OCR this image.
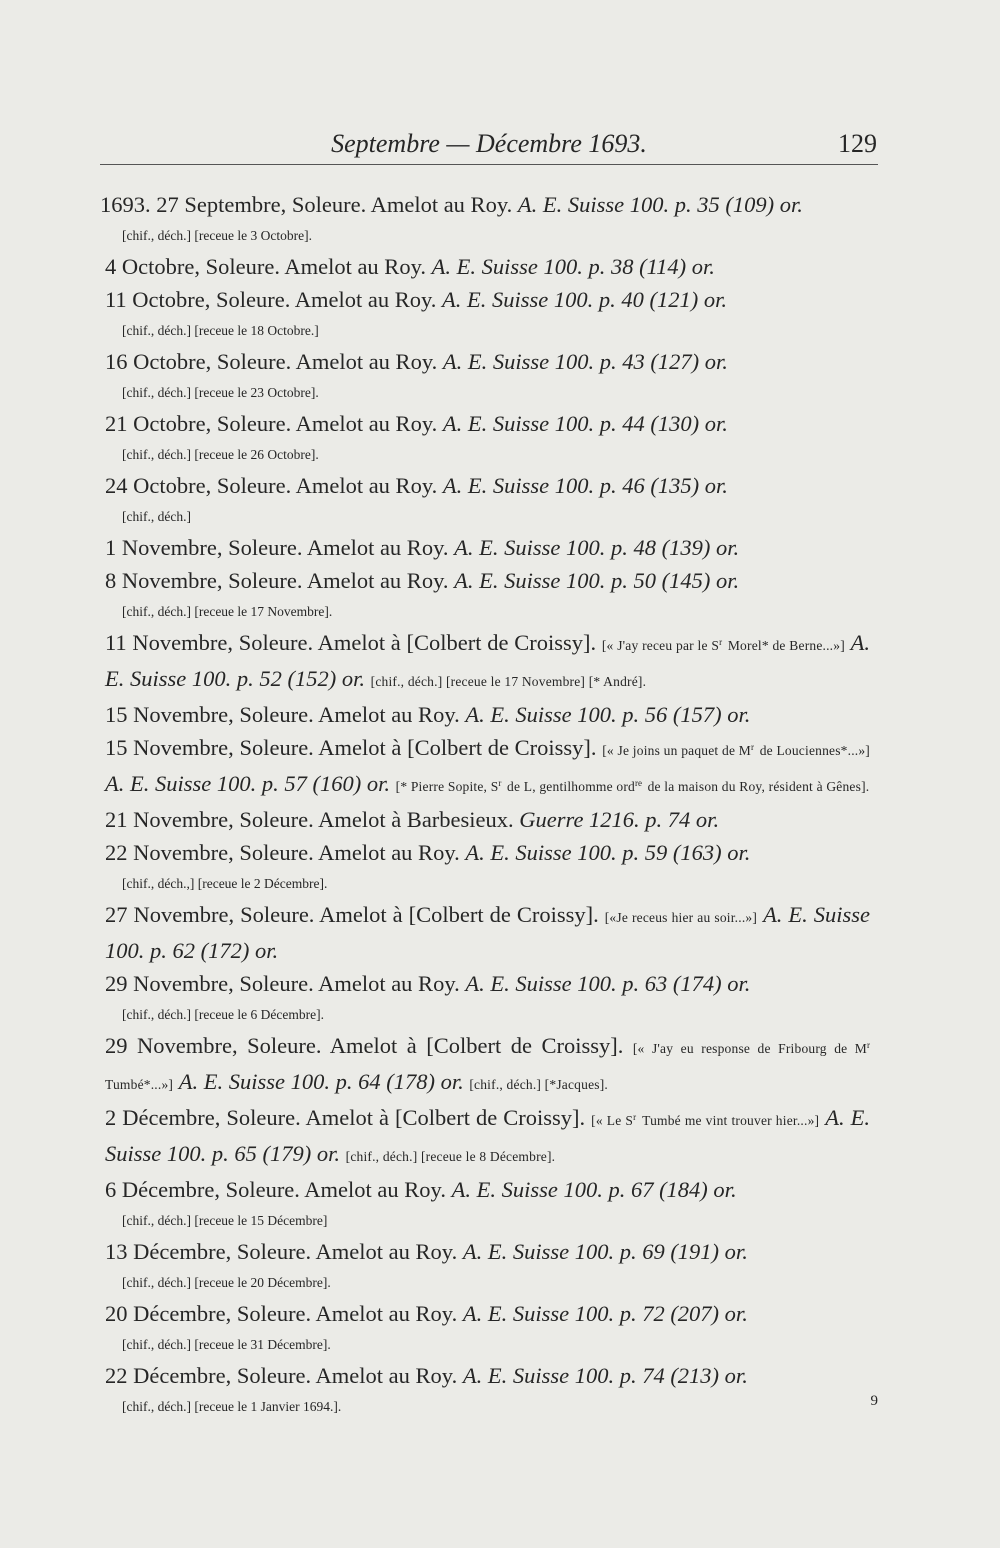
Septembre — Décembre 1693.	129
1693. 27 Septembre, Soleure. Amelot au Roy. A. E. Suisse 100. p. 35 (109) or.
[chif., déch.] [receue le 3 Octobre].
4 Octobre, Soleure. Amelot au Roy. A. E. Suisse 100. p. 38 (114) or.
11 Octobre, Soleure. Amelot au Roy. A. E. Suisse 100. p. 40 (121) or.
[chif., déch.] [receue le 18 Octobre.]
16 Octobre, Soleure. Amelot au Roy. A. E. Suisse 100. p. 43 (127) or.
[chif., déch.] [receue le 23 Octobre].
21 Octobre, Soleure. Amelot au Roy. A. E. Suisse 100. p. 44 (130) or.
[chif., déch.] [receue le 26 Octobre].
24 Octobre, Soleure. Amelot au Roy. A. E. Suisse 100. p. 46 (135) or.
[chif., déch.]
1 Novembre, Soleure. Amelot au Roy. A. E. Suisse 100. p. 48 (139) or.
8 Novembre, Soleure. Amelot au Roy. A. E. Suisse 100. p. 50 (145) or.
[chif., déch.] [receue le 17 Novembre].
11 Novembre, Soleure. Amelot à [Colbert de Croissy]. [« J'ay receu par le $S^r$ Morel* de Berne...»] A. E. Suisse 100. p. 52 (152) or. [chif., déch.] [receue le 17 Novembre] [* André].
15 Novembre, Soleure. Amelot au Roy. A. E. Suisse 100. p. 56 (157) or.
15 Novembre, Soleure. Amelot à [Colbert de Croissy]. [« Je joins un paquet de $M^r$ de Louciennes*...»] A. E. Suisse 100. p. 57 (160) or. [* Pierre Sopite, $S^r$ de L, gentilhomme ord$^{re}$ de la maison du Roy, résident à Gênes].
21 Novembre, Soleure. Amelot à Barbesieux. Guerre 1216. p. 74 or.
22 Novembre, Soleure. Amelot au Roy. A. E. Suisse 100. p. 59 (163) or.
[chif., déch.,] [receue le 2 Décembre].
27 Novembre, Soleure. Amelot à [Colbert de Croissy]. [«Je receus hier au soir...»] A. E. Suisse 100. p. 62 (172) or.
29 Novembre, Soleure. Amelot au Roy. A. E. Suisse 100. p. 63 (174) or.
[chif., déch.] [receue le 6 Décembre].
29 Novembre, Soleure. Amelot à [Colbert de Croissy]. [« J'ay eu response de Fribourg de $M^r$ Tumbé*...»] A. E. Suisse 100. p. 64 (178) or. [chif., déch.] [*Jacques].
2 Décembre, Soleure. Amelot à [Colbert de Croissy]. [« Le $S^r$ Tumbé me vint trouver hier...»] A. E. Suisse 100. p. 65 (179) or. [chif., déch.] [receue le 8 Décembre].
6 Décembre, Soleure. Amelot au Roy. A. E. Suisse 100. p. 67 (184) or.
[chif., déch.] [receue le 15 Décembre]
13 Décembre, Soleure. Amelot au Roy. A. E. Suisse 100. p. 69 (191) or.
[chif., déch.] [receue le 20 Décembre].
20 Décembre, Soleure. Amelot au Roy. A. E. Suisse 100. p. 72 (207) or.
[chif., déch.] [receue le 31 Décembre].
22 Décembre, Soleure. Amelot au Roy. A. E. Suisse 100. p. 74 (213) or.
[chif., déch.] [receue le 1 Janvier 1694.].	9
